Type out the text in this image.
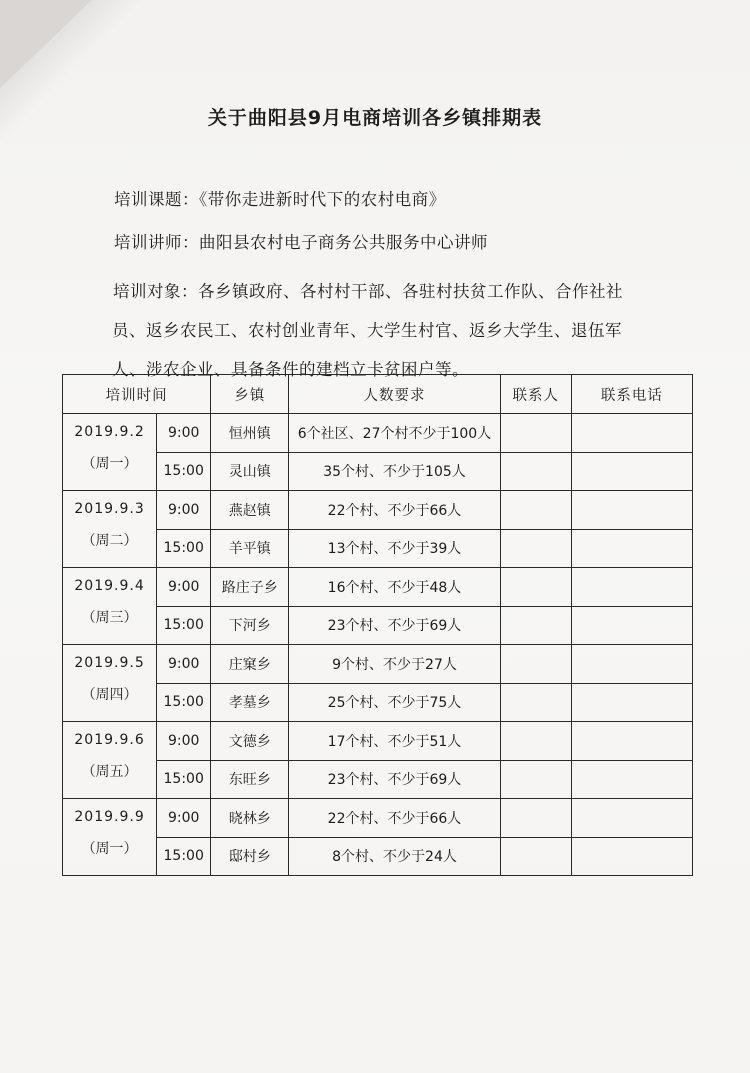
关于曲阳县9月电商培训各乡镇排期表
培训课题：《带你走进新时代下的农村电商》
培训讲师：曲阳县农村电子商务公共服务中心讲师
培训对象：各乡镇政府、各村村干部、各驻村扶贫工作队、合作社社
员、返乡农民工、农村创业青年、大学生村官、返乡大学生、退伍军
人、涉农企业、具备条件的建档立卡贫困户等。
培训时间		乡镇	人数要求	联系人	联系电话

2019.9.2
（周一）	9:00	恒州镇	6个社区、27个村不少于100人		
	15:00	灵山镇	35个村、不少于105人		

2019.9.3
（周二）	9:00	燕赵镇	22个村、不少于66人		
	15:00	羊平镇	13个村、不少于39人		

2019.9.4
（周三）	9:00	路庄子乡	16个村、不少于48人		
	15:00	下河乡	23个村、不少于69人		

2019.9.5
（周四）	9:00	庄窠乡	9个村、不少于27人		
	15:00	孝墓乡	25个村、不少于75人		

2019.9.6
（周五）	9:00	文德乡	17个村、不少于51人		
	15:00	东旺乡	23个村、不少于69人		

2019.9.9
（周一）	9:00	晓林乡	22个村、不少于66人		
	15:00	邸村乡	8个村、不少于24人		
